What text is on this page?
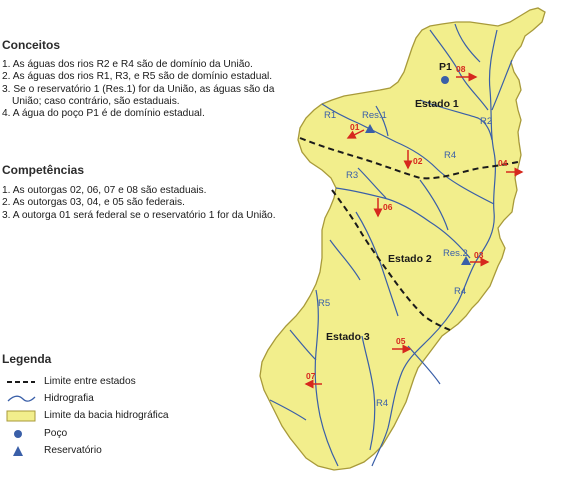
Conceitos
1. As águas dos rios R2 e R4 são de domínio da União.
2. As águas dos rios R1, R3, e R5 são de domínio estadual.
3. Se o reservatório 1 (Res.1) for da União, as águas são da União; caso contrário, são estaduais.
4. A água do poço P1 é de domínio estadual.
Competências
1. As outorgas 02, 06, 07 e 08 são estaduais.
2. As outorgas 03, 04, e 05 são federais.
3. A outorga 01 será federal se o reservatório 1 for da União.
Legenda
Limite entre estados
Hidrografia
Limite da bacia hidrográfica
Poço
Reservatório
Estado 1
Estado 2
Estado 3
R1
R2
R3
R4
R4
R4
R5
Res.1
Res.2
P1
01
02
03
04
05
06
07
08
